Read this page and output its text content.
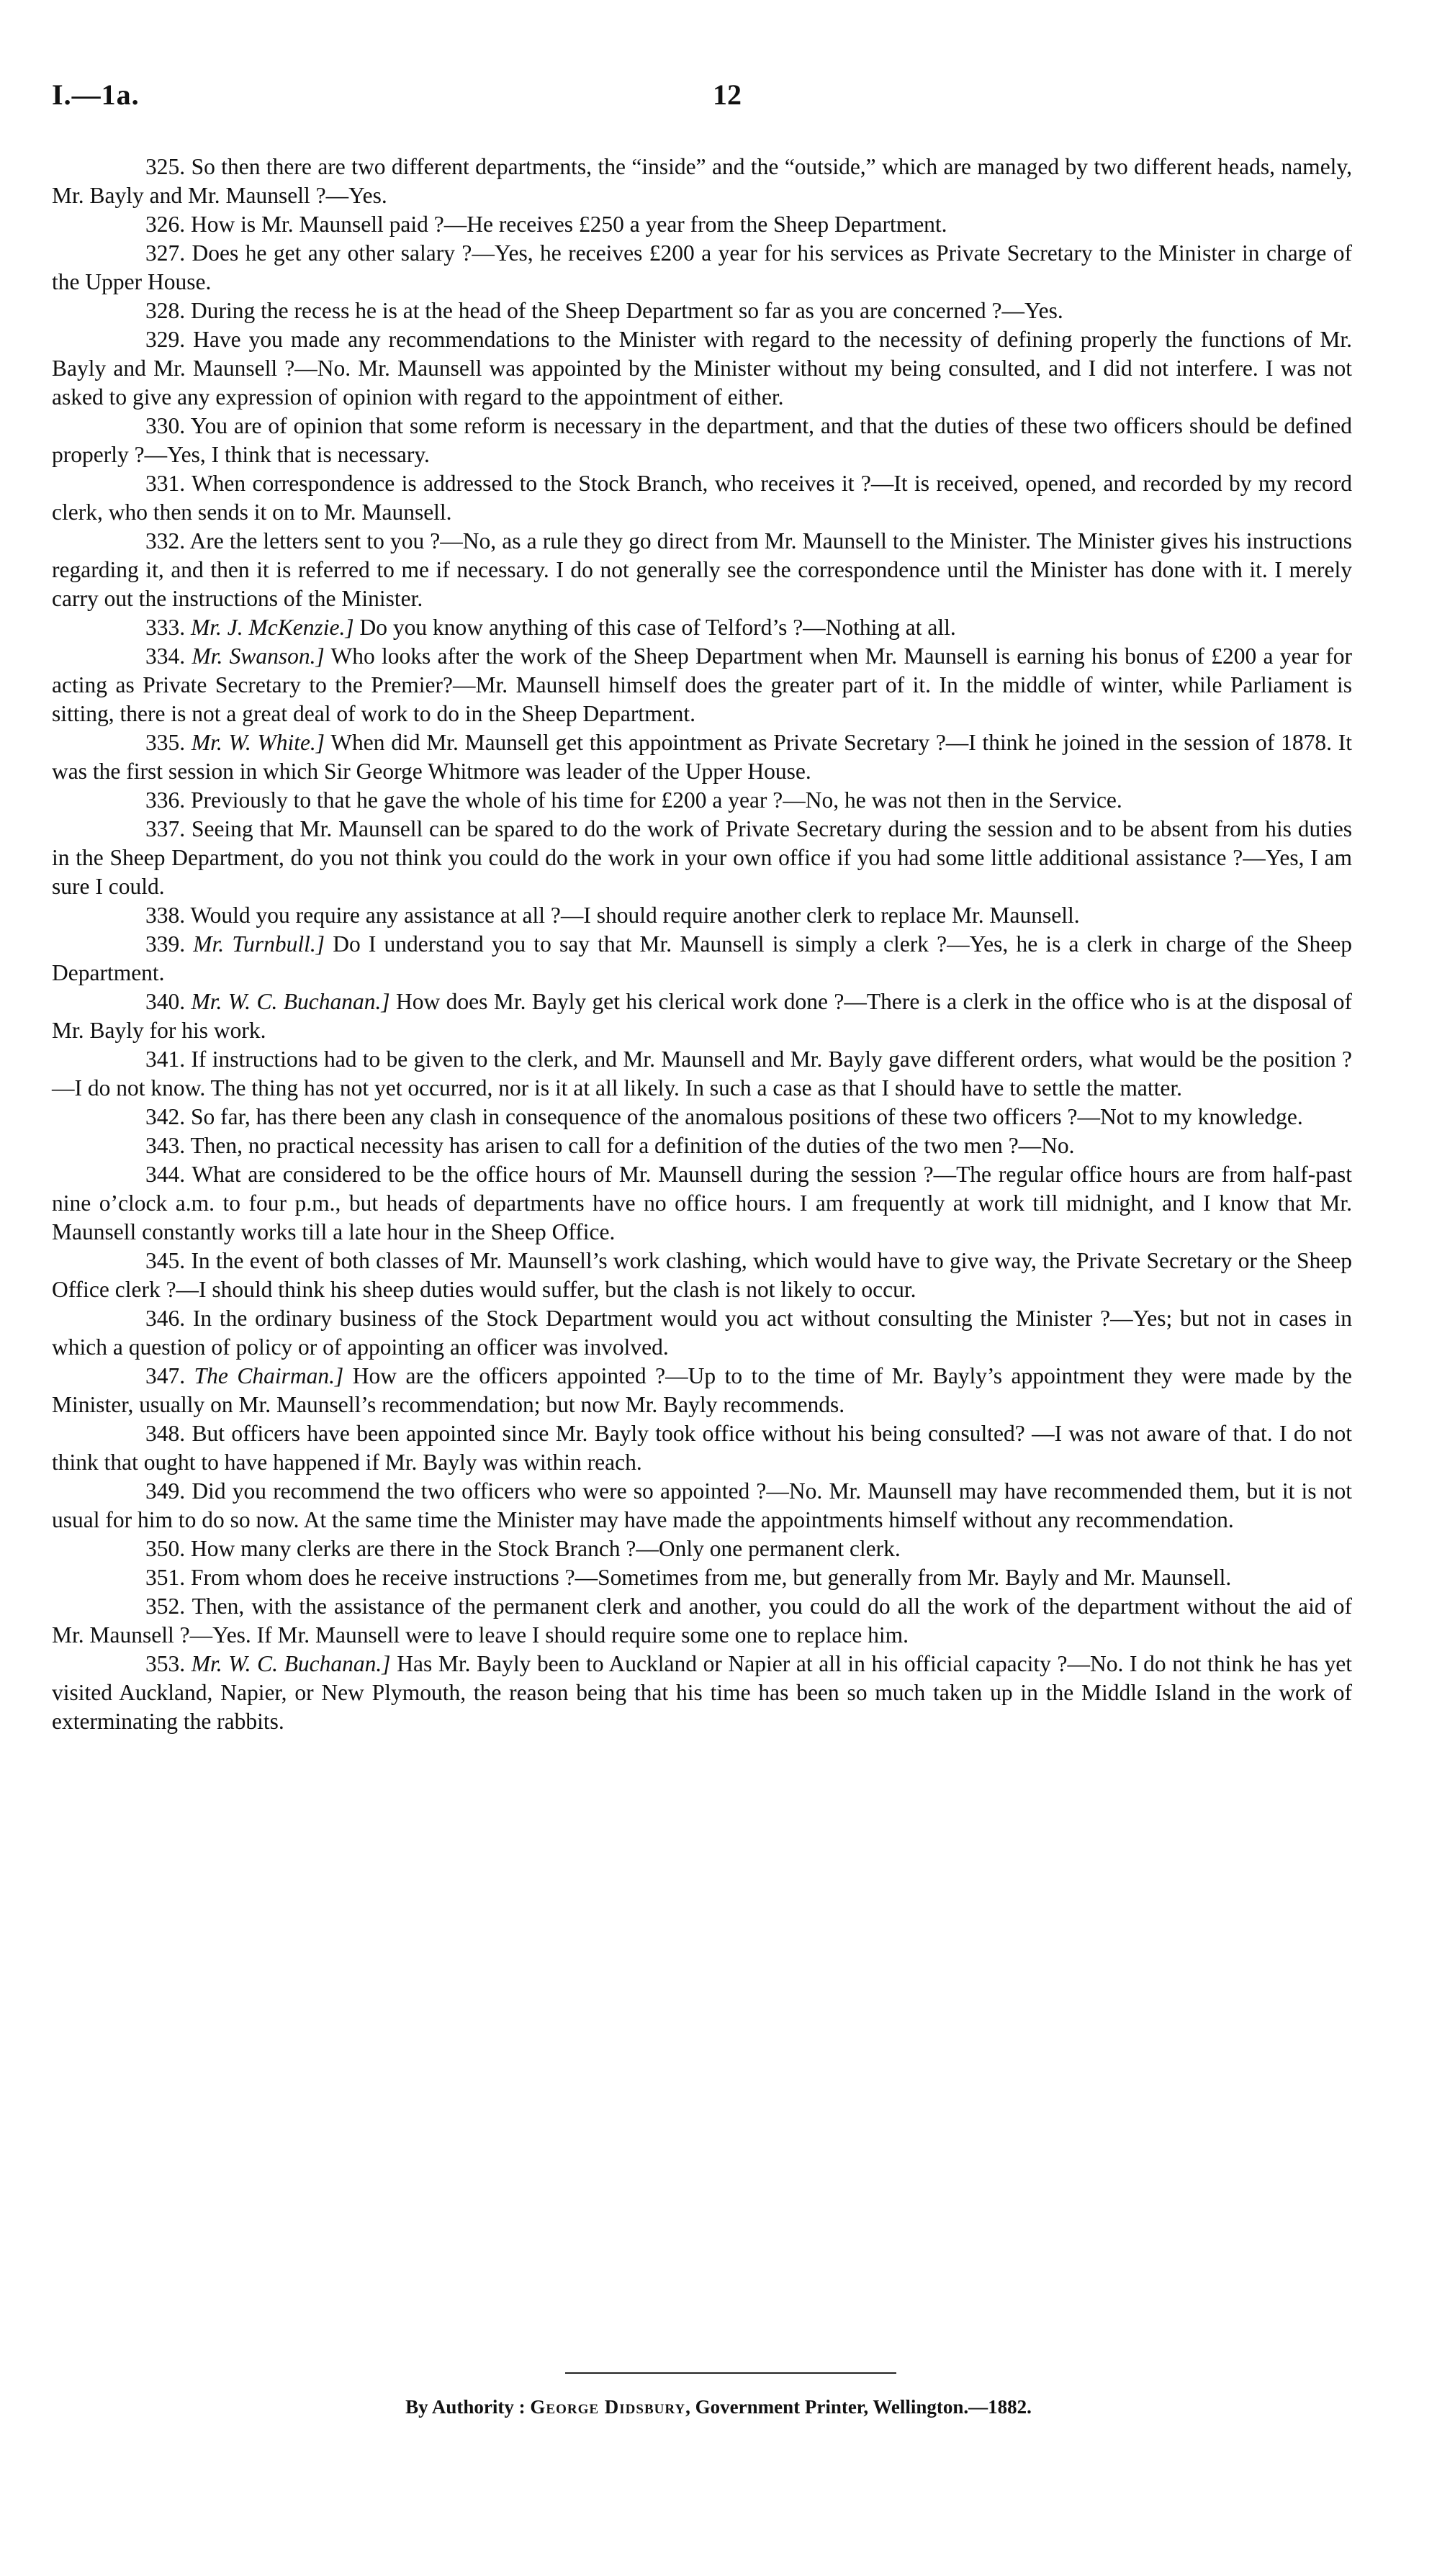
I.—1a.	12

325. So then there are two different departments, the “inside” and the “outside,” which are managed by two different heads, namely, Mr. Bayly and Mr. Maunsell ?—Yes.

326. How is Mr. Maunsell paid ?—He receives £250 a year from the Sheep Department.

327. Does he get any other salary ?—Yes, he receives £200 a year for his services as Private Secretary to the Minister in charge of the Upper House.

328. During the recess he is at the head of the Sheep Department so far as you are concerned ?—Yes.

329. Have you made any recommendations to the Minister with regard to the necessity of defining properly the functions of Mr. Bayly and Mr. Maunsell ?—No. Mr. Maunsell was appointed by the Minister without my being consulted, and I did not interfere. I was not asked to give any expression of opinion with regard to the appointment of either.

330. You are of opinion that some reform is necessary in the department, and that the duties of these two officers should be defined properly ?—Yes, I think that is necessary.

331. When correspondence is addressed to the Stock Branch, who receives it ?—It is received, opened, and recorded by my record clerk, who then sends it on to Mr. Maunsell.

332. Are the letters sent to you ?—No, as a rule they go direct from Mr. Maunsell to the Minister. The Minister gives his instructions regarding it, and then it is referred to me if necessary. I do not generally see the correspondence until the Minister has done with it. I merely carry out the instructions of the Minister.

333. Mr. J. McKenzie.] Do you know anything of this case of Telford’s ?—Nothing at all.

334. Mr. Swanson.] Who looks after the work of the Sheep Department when Mr. Maunsell is earning his bonus of £200 a year for acting as Private Secretary to the Premier?—Mr. Maunsell himself does the greater part of it. In the middle of winter, while Parliament is sitting, there is not a great deal of work to do in the Sheep Department.

335. Mr. W. White.] When did Mr. Maunsell get this appointment as Private Secretary ?—I think he joined in the session of 1878. It was the first session in which Sir George Whitmore was leader of the Upper House.

336. Previously to that he gave the whole of his time for £200 a year ?—No, he was not then in the Service.

337. Seeing that Mr. Maunsell can be spared to do the work of Private Secretary during the session and to be absent from his duties in the Sheep Department, do you not think you could do the work in your own office if you had some little additional assistance ?—Yes, I am sure I could.

338. Would you require any assistance at all ?—I should require another clerk to replace Mr. Maunsell.

339. Mr. Turnbull.] Do I understand you to say that Mr. Maunsell is simply a clerk ?—Yes, he is a clerk in charge of the Sheep Department.

340. Mr. W. C. Buchanan.] How does Mr. Bayly get his clerical work done ?—There is a clerk in the office who is at the disposal of Mr. Bayly for his work.

341. If instructions had to be given to the clerk, and Mr. Maunsell and Mr. Bayly gave different orders, what would be the position ?—I do not know. The thing has not yet occurred, nor is it at all likely. In such a case as that I should have to settle the matter.

342. So far, has there been any clash in consequence of the anomalous positions of these two officers ?—Not to my knowledge.

343. Then, no practical necessity has arisen to call for a definition of the duties of the two men ?—No.

344. What are considered to be the office hours of Mr. Maunsell during the session ?—The regular office hours are from half-past nine o’clock a.m. to four p.m., but heads of departments have no office hours. I am frequently at work till midnight, and I know that Mr. Maunsell constantly works till a late hour in the Sheep Office.

345. In the event of both classes of Mr. Maunsell’s work clashing, which would have to give way, the Private Secretary or the Sheep Office clerk ?—I should think his sheep duties would suffer, but the clash is not likely to occur.

346. In the ordinary business of the Stock Department would you act without consulting the Minister ?—Yes; but not in cases in which a question of policy or of appointing an officer was involved.

347. The Chairman.] How are the officers appointed ?—Up to to the time of Mr. Bayly’s appointment they were made by the Minister, usually on Mr. Maunsell’s recommendation; but now Mr. Bayly recommends.

348. But officers have been appointed since Mr. Bayly took office without his being consulted? —I was not aware of that. I do not think that ought to have happened if Mr. Bayly was within reach.

349. Did you recommend the two officers who were so appointed ?—No. Mr. Maunsell may have recommended them, but it is not usual for him to do so now. At the same time the Minister may have made the appointments himself without any recommendation.

350. How many clerks are there in the Stock Branch ?—Only one permanent clerk.

351. From whom does he receive instructions ?—Sometimes from me, but generally from Mr. Bayly and Mr. Maunsell.

352. Then, with the assistance of the permanent clerk and another, you could do all the work of the department without the aid of Mr. Maunsell ?—Yes. If Mr. Maunsell were to leave I should require some one to replace him.

353. Mr. W. C. Buchanan.] Has Mr. Bayly been to Auckland or Napier at all in his official capacity ?—No. I do not think he has yet visited Auckland, Napier, or New Plymouth, the reason being that his time has been so much taken up in the Middle Island in the work of exterminating the rabbits.

By Authority : George Didsbury, Government Printer, Wellington.—1882.
